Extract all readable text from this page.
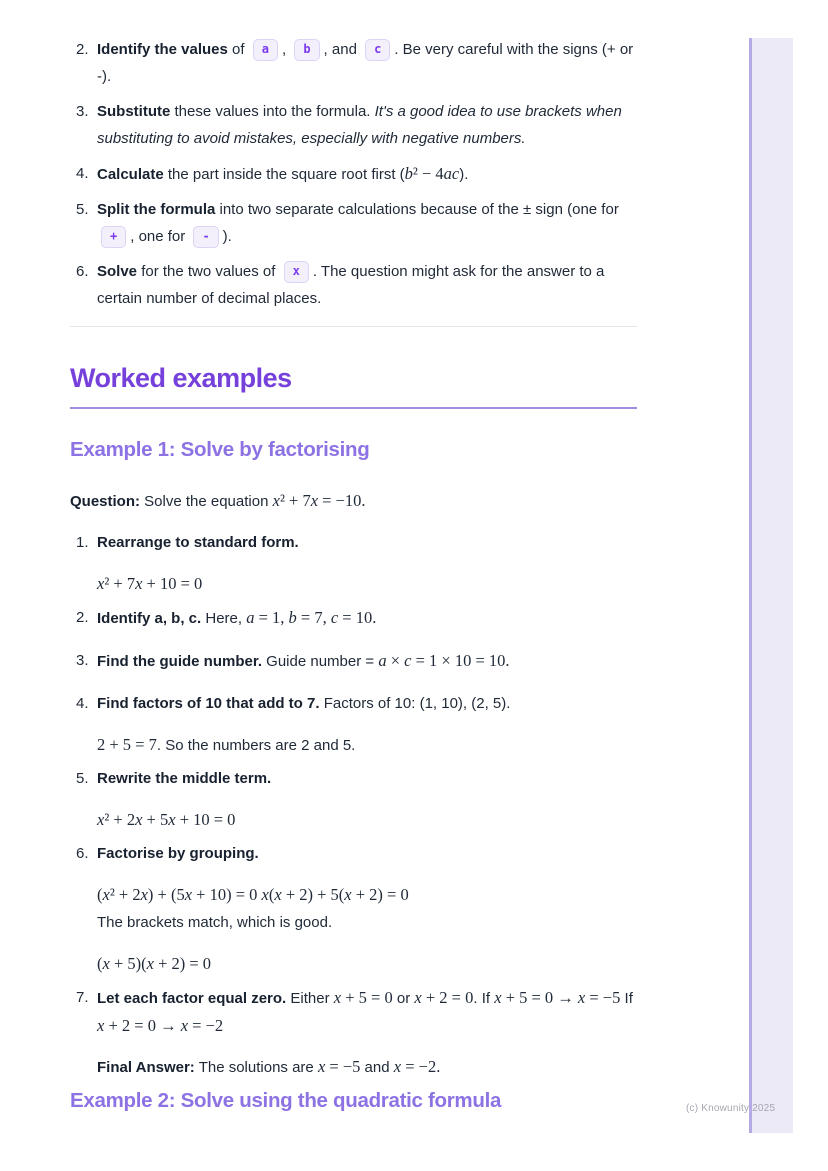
(c) Knowunity 2025
2. Identify the values of a , b , and c . Be very careful with the signs (+ or -).

3. Substitute these values into the formula. It's a good idea to use brackets when substituting to avoid mistakes, especially with negative numbers.

4. Calculate the part inside the square root first (b² − 4ac).

5. Split the formula into two separate calculations because of the ± sign (one for + , one for - ).

6. Solve for the two values of x . The question might ask for the answer to a certain number of decimal places.

Worked examples
Example 1: Solve by factorising

Question: Solve the equation x² + 7x = −10.

1. Rearrange to standard form.

x² + 7x + 10 = 0

2. Identify a, b, c. Here, a = 1, b = 7, c = 10.

3. Find the guide number. Guide number = a × c = 1 × 10 = 10.

4. Find factors of 10 that add to 7. Factors of 10: (1, 10), (2, 5).

2 + 5 = 7. So the numbers are 2 and 5.

5. Rewrite the middle term.

x² + 2x + 5x + 10 = 0

6. Factorise by grouping.

(x² + 2x) + (5x + 10) = 0 x(x + 2) + 5(x + 2) = 0

The brackets match, which is good.

(x + 5)(x + 2) = 0

7. Let each factor equal zero. Either x + 5 = 0 or x + 2 = 0. If x + 5 = 0 → x = −5 If x + 2 = 0 → x = −2

Final Answer: The solutions are x = −5 and x = −2.

Example 2: Solve using the quadratic formula
